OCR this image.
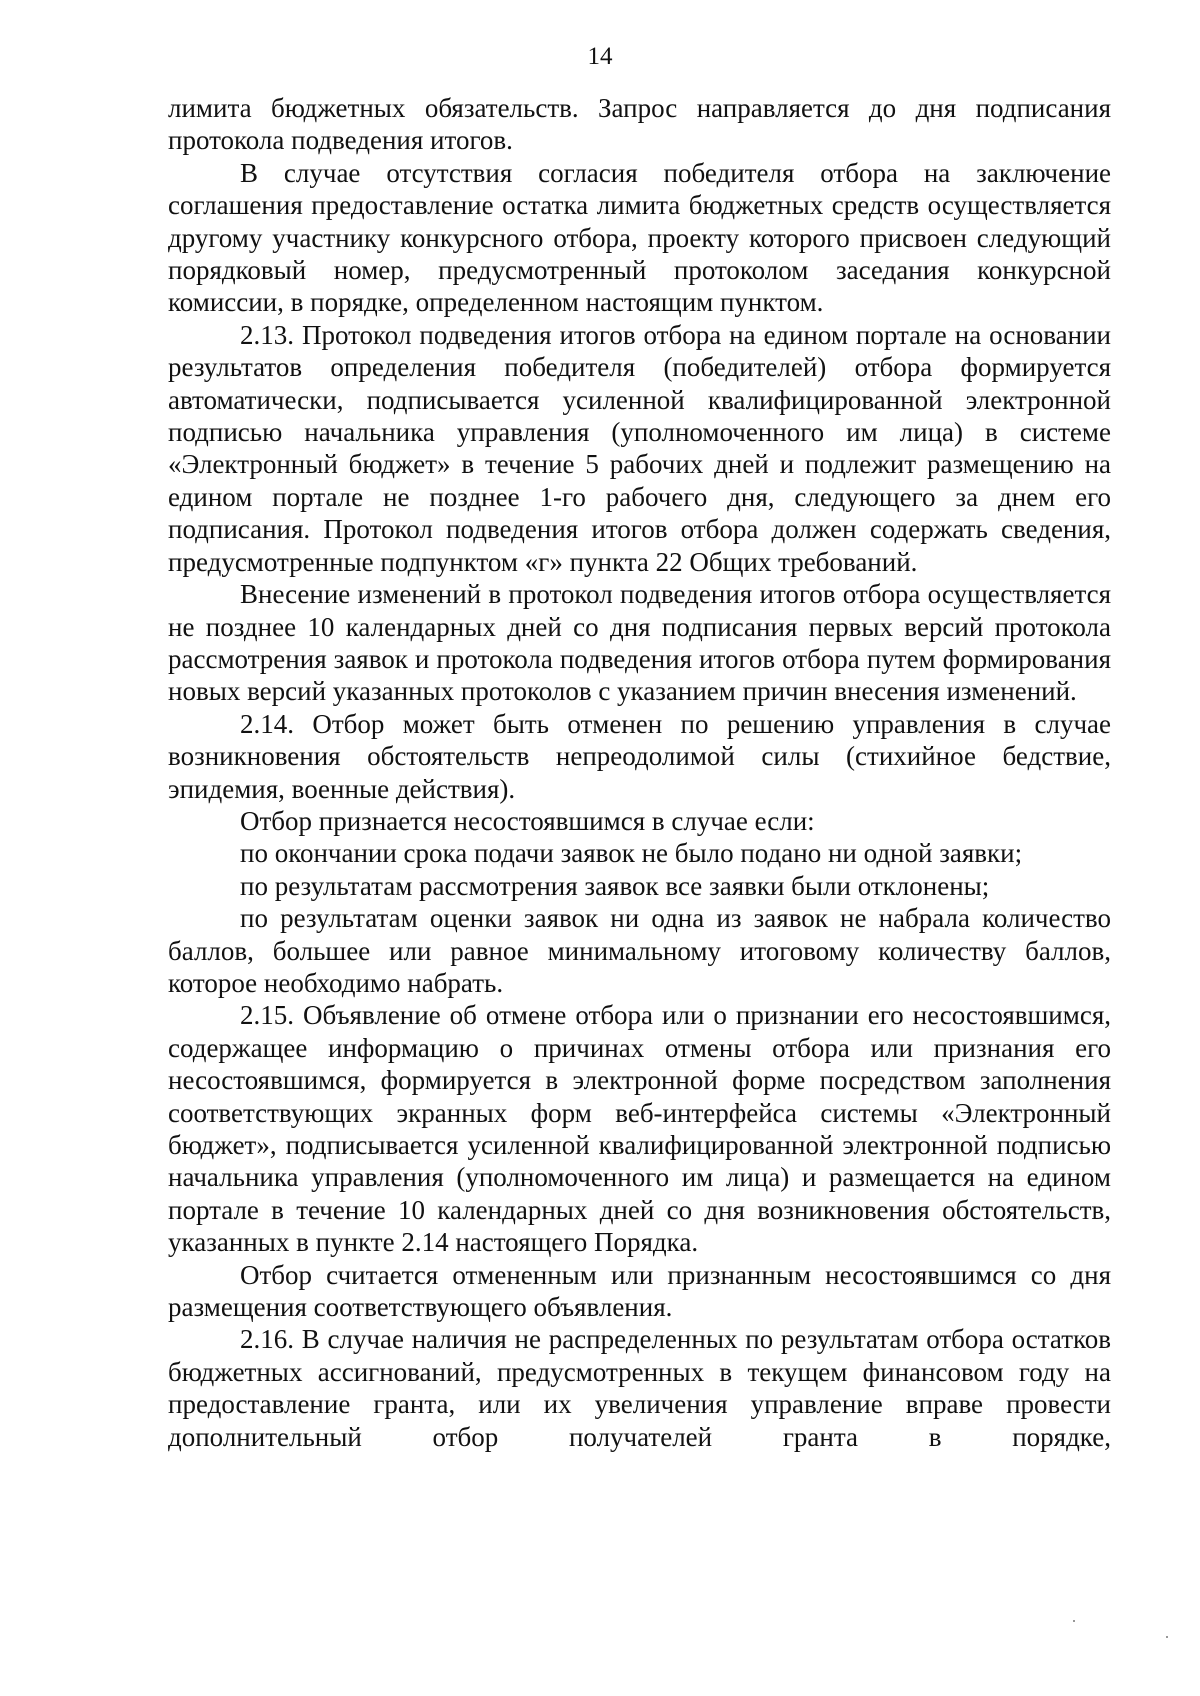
14

лимита бюджетных обязательств. Запрос направляется до дня подписания протокола подведения итогов.

В случае отсутствия согласия победителя отбора на заключение соглашения предоставление остатка лимита бюджетных средств осуществляется другому участнику конкурсного отбора, проекту которого присвоен следующий порядковый номер, предусмотренный протоколом заседания конкурсной комиссии, в порядке, определенном настоящим пунктом.

2.13. Протокол подведения итогов отбора на едином портале на основании результатов определения победителя (победителей) отбора формируется автоматически, подписывается усиленной квалифицированной электронной подписью начальника управления (уполномоченного им лица) в системе «Электронный бюджет» в течение 5 рабочих дней и подлежит размещению на едином портале не позднее 1-го рабочего дня, следующего за днем его подписания. Протокол подведения итогов отбора должен содержать сведения, предусмотренные подпунктом «г» пункта 22 Общих требований.

Внесение изменений в протокол подведения итогов отбора осуществляется не позднее 10 календарных дней со дня подписания первых версий протокола рассмотрения заявок и протокола подведения итогов отбора путем формирования новых версий указанных протоколов с указанием причин внесения изменений.

2.14. Отбор может быть отменен по решению управления в случае возникновения обстоятельств непреодолимой силы (стихийное бедствие, эпидемия, военные действия).

Отбор признается несостоявшимся в случае если:

по окончании срока подачи заявок не было подано ни одной заявки;

по результатам рассмотрения заявок все заявки были отклонены;

по результатам оценки заявок ни одна из заявок не набрала количество баллов, большее или равное минимальному итоговому количеству баллов, которое необходимо набрать.

2.15. Объявление об отмене отбора или о признании его несостоявшимся, содержащее информацию о причинах отмены отбора или признания его несостоявшимся, формируется в электронной форме посредством заполнения соответствующих экранных форм веб-интерфейса системы «Электронный бюджет», подписывается усиленной квалифицированной электронной подписью начальника управления (уполномоченного им лица) и размещается на едином портале в течение 10 календарных дней со дня возникновения обстоятельств, указанных в пункте 2.14 настоящего Порядка.

Отбор считается отмененным или признанным несостоявшимся со дня размещения соответствующего объявления.

2.16. В случае наличия не распределенных по результатам отбора остатков бюджетных ассигнований, предусмотренных в текущем финансовом году на предоставление гранта, или их увеличения управление вправе провести дополнительный отбор получателей гранта в порядке,
